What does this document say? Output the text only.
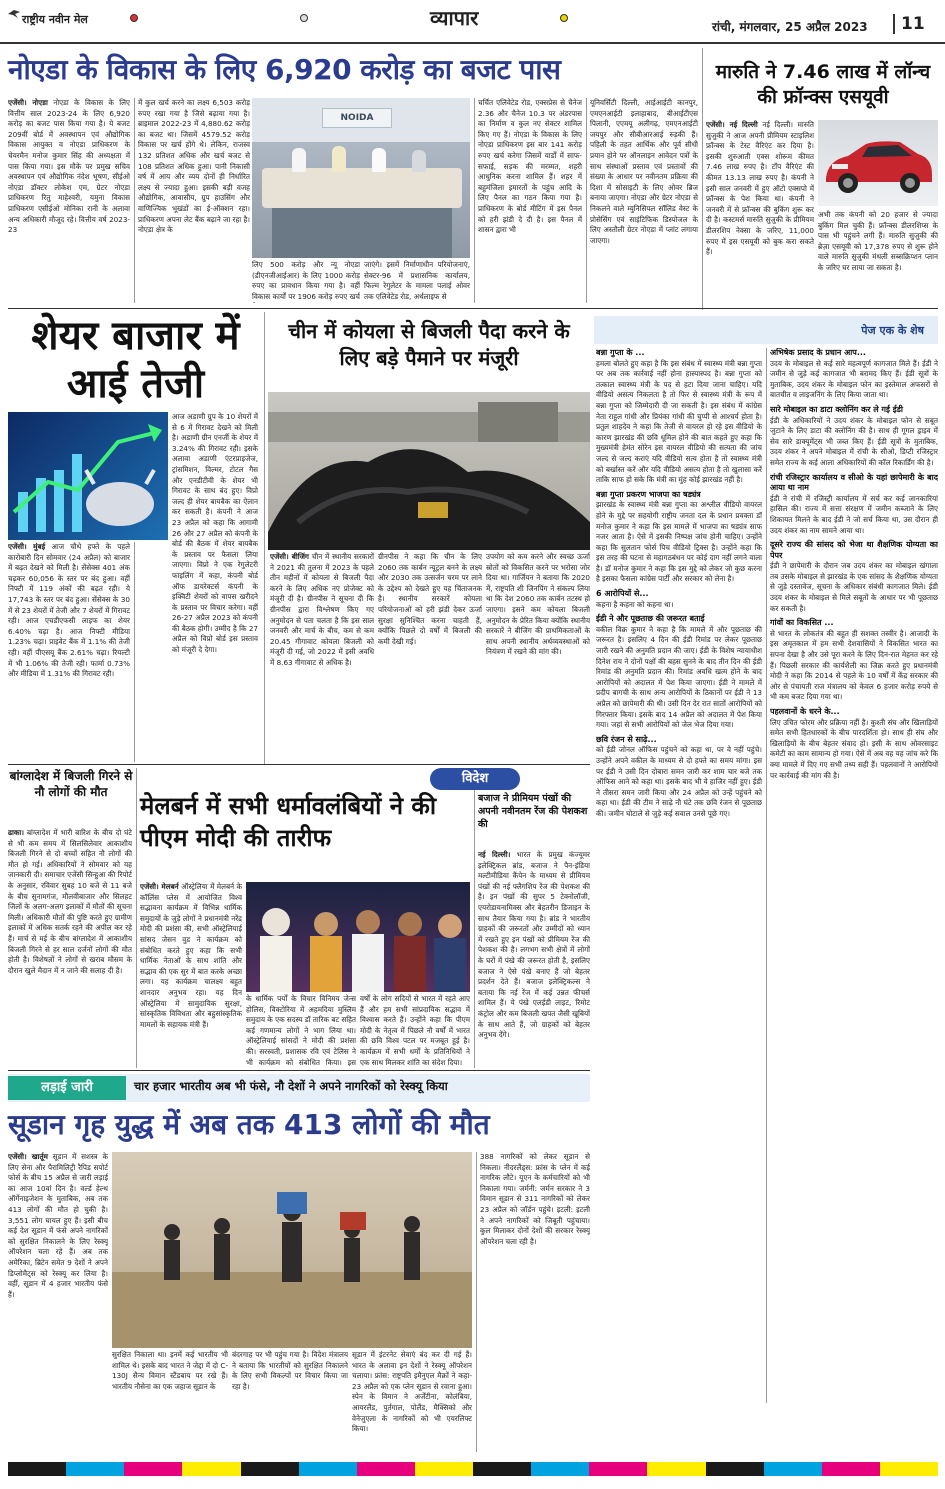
राष्ट्रीय नवीन मेल	व्यापार	रांची, मंगलवार, 25 अप्रैल 2023	11
नोएडा के विकास के लिए 6,920 करोड़ का बजट पास
एजेंसी। नोएडा नोएडा के विकास के लिए वित्तीय साल 2023-24 के लिए 6,920 करोड़ का बजट पास किया गया है। ये बजट 209वीं बोर्ड में अवस्थापन एवं औद्योगिक विकास आयुक्त व नोएडा प्राधिकरण के चेयरमैन मनोज कुमार सिंह की अध्यक्षता में पास किया गया। इस मौके पर प्रमुख सचिव अवस्थापन एवं औद्योगिक नंदेश भूषण, सीईओ नोएडा डॉक्टर लोकेश एम, ग्रेटर नोएडा प्राधिकरण रितु माहेश्वरी, यमुना विकास प्राधिकरण एसीईओ मोनिका रानी के अलावा अन्य अधिकारी मौजूद रहे। वित्तीय वर्ष 2023-23
में कुल खर्च करने का लक्ष्य 6,503 करोड़ रुपए रखा गया है जिसे बढ़ाया गया है। ब्राइमाल 2022-23 में 4,880.62 करोड़ का बजट था। जिसमें 4579.52 करोड़ विकास पर खर्च होंगे थे। लेकिन, राजस्व 132 प्रतिशत अधिक और खर्च बजट से 108 प्रतिशत अधिक हुआ। पानी निकासी वर्ष में आय और व्यय दोनों ही निर्धारित लक्ष्य से ज्यादा हुआ। इसकी बड़ी वजह औद्योगिक, आवासीय, ग्रुप हाउसिंग और वाणिज्यिक भूखंडों का ई-ऑक्शन रहा। प्राधिकरण अपना लेट बैंक बढ़ाने जा रहा है। नोएडा क्षेत्र के
NOIDA
लिए 500 करोड़ और न्यू नोएडा (डीएनजीआईआर) के लिए 1000 करोड़ रुपए का प्रावधान किया गया है। वहीं विकास कार्यों पर 1906 करोड़ रुपए खर्च
जाएंगे। इसमें निर्माणाधीन परियोजनाएं, सेक्टर-96 में प्रशासनिक कार्यालय, फिल्म रेगुलेटर के मामला पलाई ओवर तक एलिवेटेड रोड, अर्थलाइफ से
चर्चित एलिवेटेड रोड, एक्सप्रेस से चैनेज 2.36 और चैनेज 10.3 पर अंडरपास का निर्माण व कुल नए सेक्टर शामिल किए गए हैं। नोएडा के विकास के लिए नोएडा प्राधिकरण इस बार 141 करोड़ रुपए खर्च करेगा जिसमें यार्डों में साफ-सफाई, सड़क की मरम्मत, शहरी आधुनिक करना शामिल हैं। शहर में बहुमंजिला इमारतों के पहुंच आदि के लिए पैनल का गठन किया गया है। प्राधिकरण के बोर्ड मीटिंग में इस पैनल को हरी झंडी दे दी है। इस पैनल में शासन द्वारा भी
यूनिवर्सिटी दिल्ली, आईआईटी कानपुर, एमएनआईटी इलाहाबाद, बीआईटीएस पिलानी, एएमयू अलीगढ़, एमएनआईटी जयपुर और सीबीआरआई रुड़की हैं। पहिली के तहत आर्थिक और पूर्व सीधी प्रयान होने पर ऑनलाइन आवेदन पत्रों के साथ संस्थाओं प्रस्ताव एवं प्रस्तावों की संख्या के आधार पर नवीनतम प्रक्रिया की दिशा में सोसाइटी के लिए ओवर ब्रिज बनाया जाएगा। नोएडा और ग्रेटर नोएडा से निकलने वाले म्युनिसिपल सॉलिड वेस्ट के प्रोसेसिंग एवं साइंटिफिक डिस्पोजल के लिए अस्तौली ग्रेटर नोएडा में प्लांट लगाया जाएगा।
मारुति ने 7.46 लाख में लॉन्च की फ्रॉन्क्स एसयूवी
एजेंसी। नई दिल्ली नई दिल्ली। मारुति सुजुकी ने आज अपनी प्रीमियम स्टाइलिश फ्रॉन्क्स के टेस्ट वैरिएंट कर दिया है। इसकी शुरुआती एक्स शोरूम कीमत 7.46 लाख रुपए है। टॉप वैरिएंट की कीमत 13.13 लाख रुपए है। कंपनी ने इसी साल जनवरी में हुए ऑटो एक्सपो में फ्रॉन्क्स के पेश किया था। कंपनी ने जनवरी में से फ्रॉन्क्स की बुकिंग शुरू कर दी है। कस्टमर्स मारुति सुजुकी के प्रीमियम डीलरशिप नेक्सा के जरिए, 11,000 रुपए में इस एसयूवी को बुक करा सकते हैं।
अभी तक कंपनी को 20 हजार से ज्यादा बुकिंग मिल चुकी हैं। फ्रॉन्क्स डीलरशिप्स के पास भी पहुंचने लगी हैं। मारुति सुजुकी की ब्रेज़ा एसयूवी को 17,378 रुपए से शुरू होने वाले मारुति सुजुकी मंथली सब्सक्रिप्शन प्लान के जरिए घर लाया जा सकता है।
शेयर बाजार में आई तेजी
एजेंसी। मुंबई आज चौथे हफ्ते के पहले कारोबारी दिन सोमवार (24 अप्रैल) को बाजार में बढ़त देखने को मिली है। सेंसेक्स 401 अंक चढ़कर 60,056 के स्तर पर बंद हुआ। वहीं निफ्टी में 119 अंकों की बढ़त रही। ये 17,743 के स्तर पर बंद हुआ। सेंसेक्स के 30 में से 23 शेयरों में तेजी और 7 शेयरों में गिरावट रही। आज एचडीएफसी लाइफ का शेयर 6.40% चढ़ा है। आज निफ्टी मीडिया 1.23% चढ़ा। प्राइवेट बैंक में 1.1% की तेजी रही। वहीं पीएसयू बैंक 2.61% चढ़ा। रियल्टी में भी 1.06% की तेजी रही। फार्मा 0.73% और मीडिया में 1.31% की गिरावट रही।
आज अडाणी ग्रुप के 10 शेयरों में से 6 में गिरावट देखने को मिली है। अडाणी ग्रीन एनर्जी के शेयर में 3.24% की गिरावट रही। इसके अलावा अडाणी एंटरप्राइजेज, ट्रांसमिशन, विल्मर, टोटल गैस और एनडीटीवी के शेयर भी गिरावट के साथ बंद हुए। विप्रो जल्द ही शेयर बायबैक का ऐलान कर सकती है। कंपनी ने आज 23 अप्रैल को कहा कि आगामी 26 और 27 अप्रैल को कंपनी के बोर्ड की बैठक में शेयर बायबैक के प्रस्ताव पर फैसला लिया जाएगा। विप्रो ने एक रेगुलेटरी फाइलिंग में कहा, कंपनी बोर्ड ऑफ डायरेक्टर्स कंपनी के इक्विटी शेयरों को वापस खरीदने के प्रस्ताव पर विचार करेगा। वहीं 26-27 अप्रैल 2023 को कंपनी की बैठक होगी। उम्मीद है कि 27 अप्रैल को विप्रो बोर्ड इस प्रस्ताव को मंजूरी दे देगा।
चीन में कोयला से बिजली पैदा करने के लिए बड़े पैमाने पर मंजूरी
एजेंसी। बीजिंग चीन में स्थानीय सरकारों ने 2021 की तुलना में 2023 के पहले तीन महीनों में कोयला से बिजली पैदा करने के लिए अधिक नए प्रोजेक्ट को मंजूरी दी है। ग्रीनपीस ने सूचना दी कि ग्रीनपीस द्वारा विश्लेषण किए गए अनुमोदन से पता चलता है कि इस साल जनवरी और मार्च के बीच, कम से कम 20.45 गीगावाट कोयला बिजली को मंजूरी दी गई, जो 2022 में इसी अवधि में 8.63 गीगावाट से अधिक है।
ग्रीनपीस ने कहा कि चीन के लिए 2060 तक कार्बन न्यूट्रल बनने के लक्ष्य और 2030 तक उत्सर्जन चरम पर लाने के उद्देश्य को देखते हुए यह चिंताजनक है। स्थानीय सरकारें कोयला परियोजनाओं को हरी झंडी देकर ऊर्जा सुरक्षा सुनिश्चित करना चाहती हैं, क्योंकि पिछले दो वर्षों में बिजली की कमी देखी गई।
उपयोग को कम करने और स्वच्छ ऊर्जा स्रोतों को विकसित करने पर भरोसा जोर दिया था। गार्जियन ने बताया कि 2020 में, राष्ट्रपति शी जिनपिंग ने संकल्प लिया था कि देश 2060 तक कार्बन तटस्थ हो जाएगा। इसने कम कोयला बिजली अनुमोदन के प्रेरित किया क्योंकि स्थानीय सरकारें ने बीजिंग की प्राथमिकताओं के साथ अपनी स्थानीय अर्थव्यवस्थाओं को नियंत्रण में रखने की मांग की।
पेज एक के शेष
बन्ना गुप्ता के ...
हमला बोलते हुए कहा है कि इस संबंध में स्वास्थ्य मंत्री बन्ना गुप्ता पर अब तक कार्रवाई नहीं होना हास्यास्पद है। बन्ना गुप्ता को तत्काल स्वास्थ्य मंत्री के पद से हटा दिया जाना चाहिए। यदि वीडियो असत्य निकलता है तो फिर से स्वास्थ्य मंत्री के रूप में बन्ना गुप्ता को जिम्मेदारी दी जा सकती है। इस संबंध में कांग्रेस नेता राहुल गांधी और प्रियंका गांधी की चुप्पी से आश्चर्य होता है। प्रतुल शाहदेव ने कहा कि तेजी से वायरल हो रहे इस वीडियो के कारण झारखंड की छवि धूमिल होने की बात कहते हुए कहा कि मुख्यमंत्री हेमंत सोरेन इस वायरल वीडियो की सत्यता की जांच जल्द से जल्द कराएं यदि वीडियो सत्य होता है तो स्वास्थ्य मंत्री को बर्खास्त करें और यदि वीडियो असत्य होता है तो खुलासा करें ताकि साफ हो सके कि मंत्री का मुंह कोई झारखंड नहीं है।
बन्ना गुप्ता प्रकरण भाजपा का षड्यंत्र
झारखंड के स्वास्थ्य मंत्री बन्ना गुप्ता का अश्लील वीडियो वायरल होने के मुद्दे पर सहयोगी राष्ट्रीय जनता दल के प्रधान प्रवक्ता डॉ मनोज कुमार ने कहा कि इस मामले में भाजपा का षड्यंत्र साफ नजर आता है। ऐसे में इसकी निष्पक्ष जांच होनी चाहिए। उन्होंने कहा कि सुलतान फोर्स पिच वीडियो ट्रिक्स है। उन्होंने कहा कि इस तरह की घटना से महागठबंधन पर कोई दाग नहीं लगने वाला है। डॉ मनोज कुमार ने कहा कि इस मुद्दे को लेकर जो कुछ करना है इसका फैसला कांग्रेस पार्टी और सरकार को लेना है।
6 आरोपियों से...
कहना है कहना को कहना था।
ईडी ने और पूछताछ की जरूरत बताई
वकील विक्र कुमार ने कहा है कि मामले में और पूछताछ की जरूरत है। इसलिए 4 दिन की ईडी रिमांड पर लेकर पूछताछ जारी रखने की अनुमति प्रदान की जाए। ईडी के विशेष न्यायाधीश दिनेश राय ने दोनों पक्षों की बहस सुनने के बाद तीन दिन की ईडी रिमांड की अनुमति प्रदान की। रिमांड अवधि खत्म होने के बाद आरोपियों को अदालत में पेश किया जाएगा। ईडी ने मामले में प्रदीप बागची के साथ अन्य आरोपियों के ठिकानों पर ईडी ने 13 अप्रैल को छापेमारी की थी। उसी दिन देर रात सातों आरोपियों को गिरफ्तार किया। इसके बाद 14 अप्रैल को अदालत में पेश किया गया। जहां से सभी आरोपियों को जेल भेज दिया गया।
छवि रंजन से साढ़े...
को ईडी जोनल ऑफिस पहुंचने को कहा था, पर वे नहीं पहुंचे। उन्होंने अपने वकील के माध्यम से दो हफ्ते का समय मांगा। इस पर ईडी ने उसी दिन दोबारा समन जारी कर शाम चार बजे तक ऑफिस आने को कहा था। इसके बाद भी वे हाजिर नहीं हुए। ईडी ने तीसरा समन जारी किया और 24 अप्रैल को उन्हें पहुंचने को कहा था। ईडी की टीम ने साढ़े नौ घंटे तक छवि रंजन से पूछताछ की। जमीन घोटाले से जुड़े कई सवाल उनसे पूछे गए।
अभिषेक प्रसाद के प्रधान आप...
उदय के मोबाइल से कई सारे महत्वपूर्ण कागजात मिले हैं। ईडी ने जमीन से जुड़े कई कागजात भी बरामद किए हैं। ईडी सूत्रों के मुताबिक, उदय शंकर के मोबाइल फोन का इस्तेमाल अफसरों से बातचीत व लाइजनिंग के लिए किया जाता था।
सारे मोबाइल का डाटा क्लोनिंग कर ले गई ईडी
ईडी के अधिकारियों ने उदय शंकर के मोबाइल फोन से सबूत जुटाने के लिए डाटा की क्लोनिंग की है। साथ ही गूगल ड्राइव में सेव सारे डाक्यूमेंट्स भी जब्त किए हैं। ईडी सूत्रों के मुताबिक, उदय शंकर ने अपने मोबाइल में रांची के सीओ, डिप्टी रजिस्ट्रार समेत राज्य के कई आला अधिकारियों की कॉल रिकार्डिंग की है।
रांची रजिस्ट्रार कार्यालय व सीओ के यहां छापेमारी के बाद आया था नाम
ईडी ने रांची में रजिस्ट्री कार्यालय में सर्च कर कई जानकारियां हासिल की। राज्य में सत्ता संरक्षण में जमीन कब्जाने के लिए शिकायत मिलने के बाद ईडी ने जो सर्च किया था, उस दौरान ही उदय शंकर का नाम सामने आया था।
दूसरे राज्य की सांसद को भेजा था शैक्षणिक योग्यता का पेपर
ईडी ने छापेमारी के दौरान जब उदय शंकर का मोबाइल खंगाला तब उसके मोबाइल से झारखंड के एक सांसद के शैक्षणिक योग्यता से जुड़े दस्तावेज, सूचना के अधिकार संबंधी कागजात मिले। ईडी उदय शंकर के मोबाइल से मिले सबूतों के आधार पर भी पूछताछ कर सकती है।
गांवों का विकसित ...
से भारत के लोकतंत्र की बहुत ही सशक्त तस्वीर है। आजादी के इस अमृतकाल में हम सभी देशवासियों ने विकसित भारत का सपना देखा है और उसे पूरा करने के लिए दिन-रात मेहनत कर रहे हैं। पिछली सरकार की कार्यशैली का जिक्र करते हुए प्रधानमंत्री मोदी ने कहा कि 2014 से पहले के 10 वर्षों में केंद्र सरकार की ओर से पंचायती राज मंत्रालय को केवल 6 हजार करोड़ रुपये से भी कम बजट दिया गया था।
पहलवानों के धरने के...
लिए उचित फोरम और प्रक्रिया नहीं है। कुश्ती संघ और खिलाड़ियों समेत सभी हितधारकों के बीच पारदर्शिता हो। साथ ही संघ और खिलाड़ियों के बीच बेहतर संवाद हो। इसी के साथ ओवरसाइट कमेटी का काम सामान्य हो गया। ऐसे में अब वह यह जांच करे कि क्या मामले में दिए गए सभी तथ्य सही हैं। पहलवानों ने आरोपियों पर कार्रवाई की मांग की है।
बांग्लादेश में बिजली गिरने से नौ लोगों की मौत
ढाका। बांग्लादेश में भारी बारिश के बीच दो घंटे से भी कम समय में सिलसिलेवार आकाशीय बिजली गिरने से दो बच्चों सहित नौ लोगों की मौत हो गई। अधिकारियों ने सोमवार को यह जानकारी दी। समाचार एजेंसी सिन्हुआ की रिपोर्ट के अनुसार, रविवार सुबह 10 बजे से 11 बजे के बीच सुनामगंज, मौलवीबाजार और सिलहट जिलों के अलग-अलग इलाकों में मौतों की सूचना मिली। अधिकारी मौतों की पुष्टि करते हुए ग्रामीण इलाकों में अधिक सतर्क रहने की अपील कर रहे हैं। मार्च से मई के बीच बांग्लादेश में आकाशीय बिजली गिरने से हर साल दर्जनों लोगों की मौत होती है। विशेषज्ञों ने लोगों से खराब मौसम के दौरान खुले मैदान में न जाने की सलाह दी है।
विदेश
मेलबर्न में सभी धर्मावलंबियों ने की पीएम मोदी की तारीफ
एजेंसी। मेलबर्न ऑस्ट्रेलिया में मेलबर्न के कॉलिंस प्लेस में आयोजित विश्व सद्भावना कार्यक्रम में विभिन्न धार्मिक समुदायों के जुड़े लोगों ने प्रधानमंत्री नरेंद्र मोदी की प्रशंसा की, सभी ऑस्ट्रेलियाई सांसद जेसन वुड ने कार्यक्रम को संबोधित करते हुए कहा कि सभी धार्मिक नेताओं के साथ शांति और सद्भाव की एक सुर में बात करके अच्छा लगा। यह कार्यक्रम चालक्ष्य बहुत शानदार अनुभव रहा। यह दिन ऑस्ट्रेलिया में सामुदायिक सुरक्षा, सांस्कृतिक विविधता और बहुसांस्कृतिक मामलों के सहायक मंत्री हैं।
के धार्मिक पर्यों के विचार विनिमय जेन्स होलिस, विक्टोरिया में अहमदिया मुस्लिम समुदाय के एक सदस्य डॉ तारिक बट सहित कई गणमान्य लोगों ने भाग लिया था। ऑस्ट्रेलियाई सांसदों ने मोदी की प्रशंसा की। सरस्वती, प्रशासक रवि एवं टेलिस ने भी कार्यक्रम को संबोधित किया। इस
वर्षों के लोग सदियों से भारत में रहते आए हैं और हम सभी सांप्रदायिक सद्भाव में विश्वास करते हैं। उन्होंने कहा कि पीएम मोदी के नेतृत्व में पिछले नौ वर्षों में भारत की छवि विश्व पटल पर मजबूत हुई है। कार्यक्रम में सभी धर्मों के प्रतिनिधियों ने एक साथ मिलकर शांति का संदेश दिया।
बजाज ने प्रीमियम पंखों की अपनी नवीनतम रेंज की पेशकश की
नई दिल्ली। भारत के प्रमुख कंज्यूमर इलेक्ट्रिकल ब्रांड, बजाज ने पैन-इंडिया मल्टीमीडिया कैंपेन के माध्यम से प्रीमियम पंखों की नई फ्लैगशिप रेंज की पेशकश की है। इन पंखों की सुपर 5 टेक्नोलॉजी, एयरोडायनामिक्स और बेहतरीन डिजाइन के साथ तैयार किया गया है। ब्रांड ने भारतीय ग्राहकों की जरूरतों और उम्मीदों को ध्यान में रखते हुए इन पंखों को प्रीमियम रेंज की पेशकश की है। लगभग सभी क्षेत्रों में लोगों के घरों में पंखे की जरूरत होती है, इसलिए बजाज ने ऐसे पंखे बनाए हैं जो बेहतर प्रदर्शन देते हैं। बजाज इलेक्ट्रिकल्स ने बताया कि नई रेंज में कई उन्नत फीचर्स शामिल हैं। ये पंखे एलईडी लाइट, रिमोट कंट्रोल और कम बिजली खपत जैसी खूबियों के साथ आते हैं, जो ग्राहकों को बेहतर अनुभव देंगे।
लड़ाई जारी	चार हजार भारतीय अब भी फंसे, नौ देशों ने अपने नागरिकों को रेस्क्यू किया
सूडान गृह युद्ध में अब तक 413 लोगों की मौत
एजेंसी। खार्तूम सूडान में सशस्त्र के लिए सेना और पैरामिलिट्री रैपिड सपोर्ट फोर्स के बीच 15 अप्रैल से जारी लड़ाई का आज 10वां दिन है। वर्ल्ड हेल्थ ऑर्गेनाइजेशन के मुताबिक, अब तक 413 लोगों की मौत हो चुकी है। 3,551 लोग घायल हुए हैं। इसी बीच कई देश सूडान में फंसे अपने नागरिकों को सुरक्षित निकालने के लिए रेस्क्यू ऑपरेशन चला रहे हैं। अब तक अमेरिका, ब्रिटेन समेत 9 देशों ने अपने डिप्लोमैट्स को रेस्क्यू कर लिया है। वहीं, सूडान में 4 हजार भारतीय फंसे हैं।
सुरक्षित निकाला था। इनमें कई भारतीय भी शामिल थे। इसके बाद भारत ने जेद्दा में दो C-130J सैन्य विमान स्टैंडबाय पर रखे हैं। भारतीय नौसेना का एक जहाज सूडान के
बंदरगाह पर भी पहुंच गया है। विदेश मंत्रालय ने बताया कि भारतीयों को सुरक्षित निकालने के लिए सभी विकल्पों पर विचार किया जा रहा है।
सूडान में इंटरनेट सेवाएं बंद कर दी गई हैं। भारत के अलावा इन देशों ने रेस्क्यू ऑपरेशन चलाया। फ्रांस: राष्ट्रपति इमैनुएल मैक्रों ने कहा- 23 अप्रैल को एक प्लेन सूडान से रवाना हुआ। स्पेन के विमान ने अर्जेंटीना, कोलंबिया, आयरलैंड, पुर्तगाल, पोलैंड, मैक्सिको और वेनेजुएला के नागरिकों को भी एयरलिफ्ट किया।
388 नागरिकों को लेकर सूडान से निकला। नीदरलैंड्स: फ्रांस के प्लेन में कई नागरिक लौटे। यूएन के कर्मचारियों को भी निकाला गया। जर्मनी: जर्मन सरकार ने 3 विमान सूडान से 311 नागरिकों को लेकर 23 अप्रैल को जॉर्डन पहुंचे। इटली: इटली ने अपने नागरिकों को जिबूती पहुंचाया। कुल मिलाकर दोनों देशों की सरकार रेस्क्यू ऑपरेशन चला रही है।
